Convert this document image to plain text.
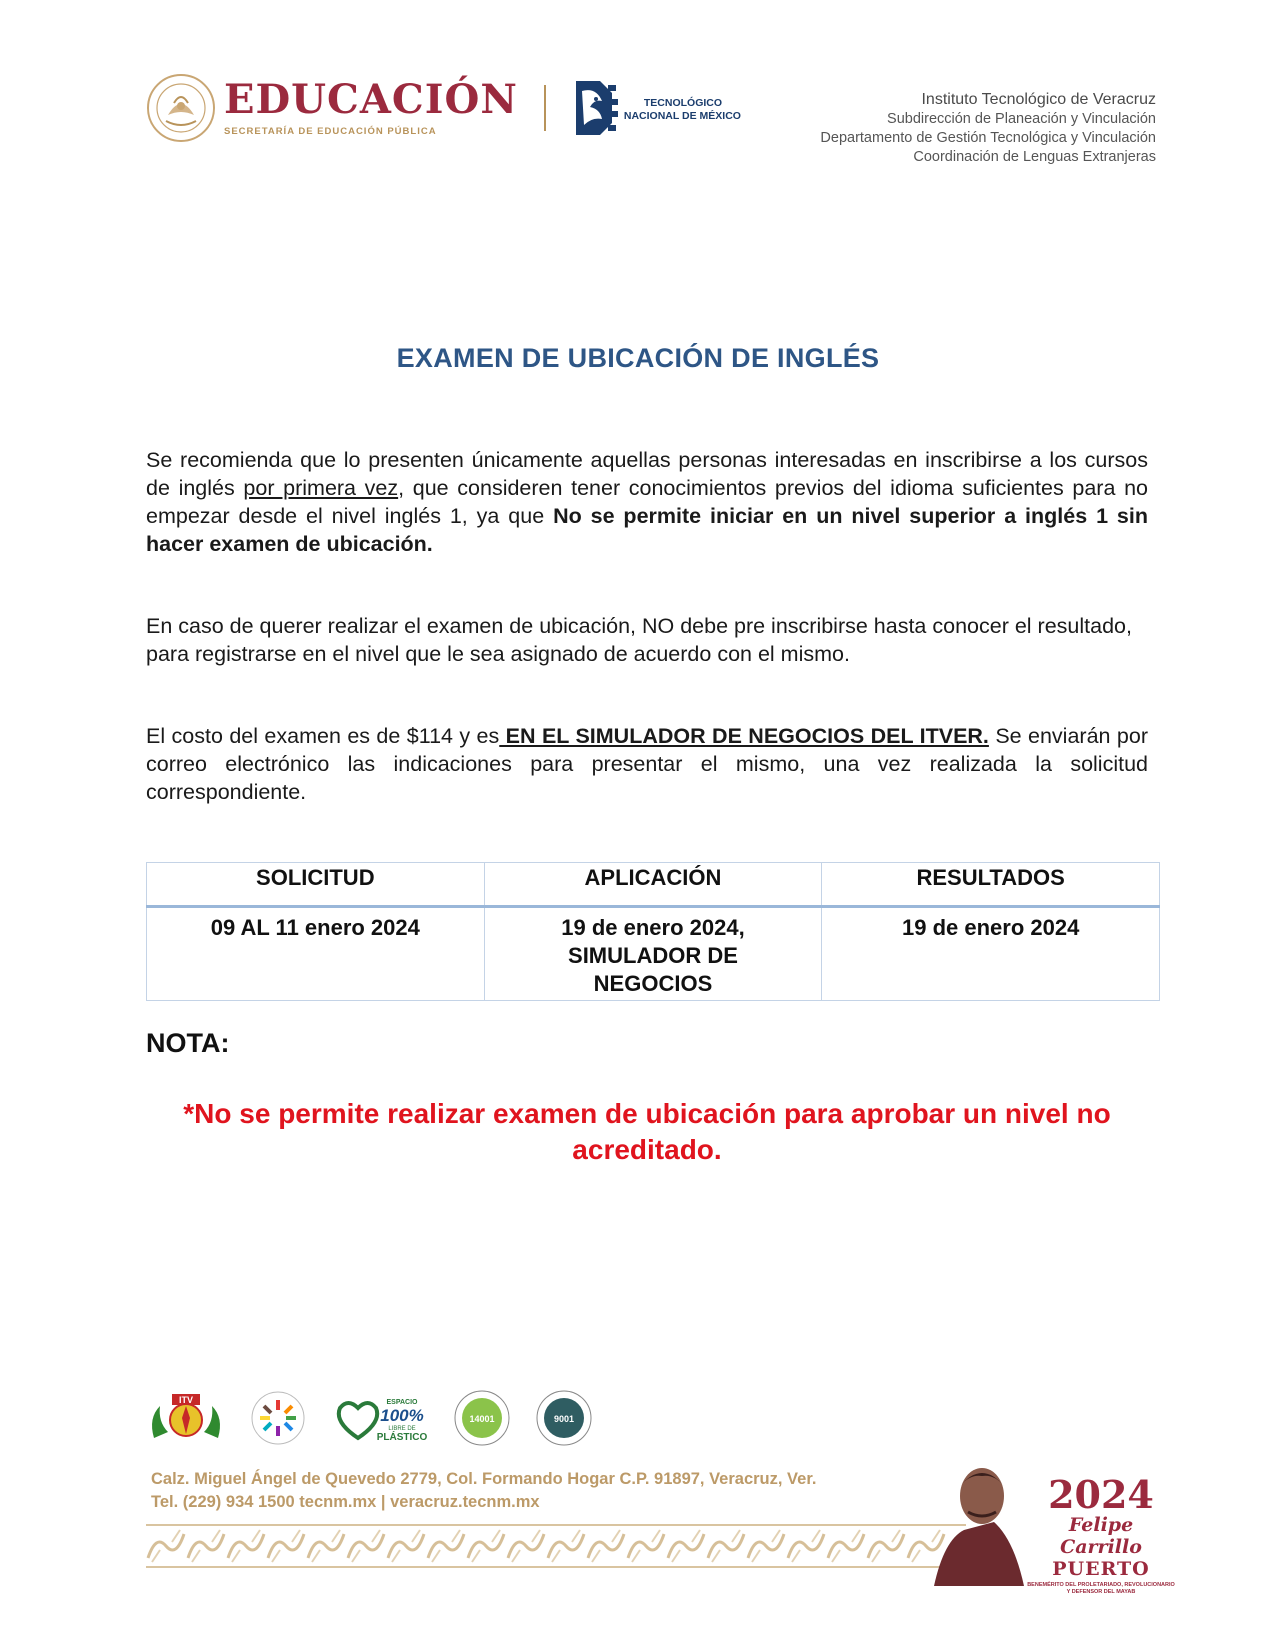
EDUCACIÓN
SECRETARÍA DE EDUCACIÓN PÚBLICA
TECNOLÓGICO
NACIONAL DE MÉXICO
Instituto Tecnológico de Veracruz
Subdirección de Planeación y Vinculación
Departamento de Gestión Tecnológica y Vinculación
Coordinación de Lenguas Extranjeras
EXAMEN DE UBICACIÓN DE INGLÉS
Se recomienda que lo presenten únicamente aquellas personas interesadas en inscribirse a los cursos de inglés por primera vez, que consideren tener conocimientos previos del idioma suficientes para no empezar desde el nivel inglés 1, ya que No se permite iniciar en un nivel superior a inglés 1 sin hacer examen de ubicación.
En caso de querer realizar el examen de ubicación, NO debe pre inscribirse hasta conocer el resultado, para registrarse en el nivel que le sea asignado de acuerdo con el mismo.
El costo del examen es de $114 y es EN EL SIMULADOR DE NEGOCIOS DEL ITVER. Se enviarán por correo electrónico las indicaciones para presentar el mismo, una vez realizada la solicitud correspondiente.
SOLICITUD	APLICACIÓN	RESULTADOS
09 AL 11 enero 2024	19 de enero 2024,
SIMULADOR DE
NEGOCIOS	19 de enero 2024
NOTA:
*No se permite realizar examen de ubicación para aprobar un nivel no acreditado.
ITV	ESPACIO
100%
LIBRE DE
PLÁSTICO
14001	9001
Calz. Miguel Ángel de Quevedo 2779, Col. Formando Hogar C.P. 91897, Veracruz, Ver.
Tel. (229) 934 1500 tecnm.mx | veracruz.tecnm.mx	2024
Felipe Carrillo
PUERTO
BENEMÉRITO DEL PROLETARIADO, REVOLUCIONARIO Y DEFENSOR DEL MAYAB
